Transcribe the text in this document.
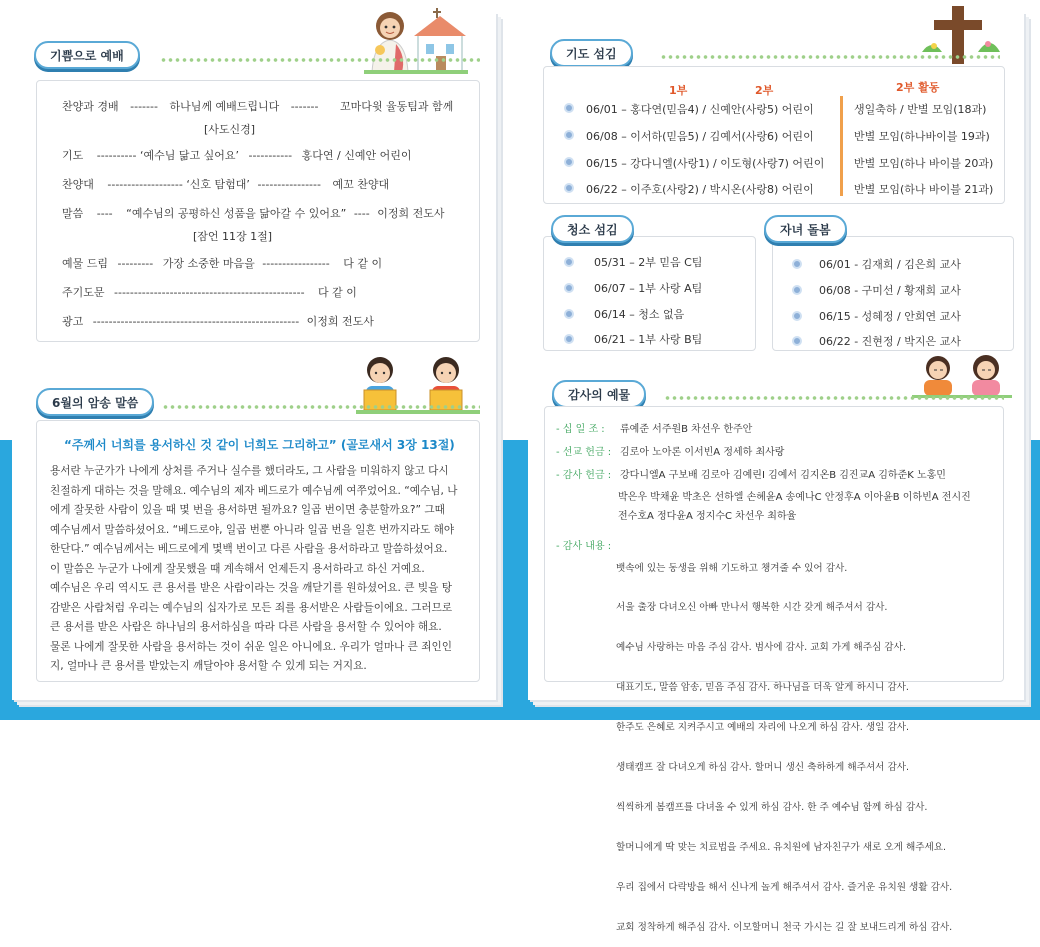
기쁨으로 예배
찬양과 경배 ------- 하나님께 예배드립니다 ------- 꼬마다윗 율동팀과 함께
[사도신경]
기도 ---------- ‘예수님 닮고 싶어요’ ----------- 홍다연 / 신예안 어린이
찬양대 ------------------- ‘신호 탐험대’ ---------------- 예꼬 찬양대
말씀 ---- “예수님의 공평하신 성품을 닮아갈 수 있어요” ---- 이정희 전도사
[잠언 11장 1절]
예물 드림 --------- 가장 소중한 마음을 ----------------- 다 같 이
주기도문 ------------------------------------------------ 다 같 이
광고 ---------------------------------------------------- 이정희 전도사
6월의 암송 말씀
“주께서 너희를 용서하신 것 같이 너희도 그리하고” (골로새서 3장 13절)
용서란 누군가가 나에게 상처를 주거나 실수를 했더라도, 그 사람을 미워하지 않고 다시
친절하게 대하는 것을 말해요. 예수님의 제자 베드로가 예수님께 여쭈었어요. “예수님, 나
에게 잘못한 사람이 있을 때 몇 번을 용서하면 될까요? 일곱 번이면 충분할까요?” 그때
예수님께서 말씀하셨어요. “베드로야, 일곱 번뿐 아니라 일곱 번을 일흔 번까지라도 해야
한단다.” 예수님께서는 베드로에게 몇백 번이고 다른 사람을 용서하라고 말씀하셨어요.
이 말씀은 누군가 나에게 잘못했을 때 계속해서 언제든지 용서하라고 하신 거예요.
예수님은 우리 역시도 큰 용서를 받은 사람이라는 것을 깨닫기를 원하셨어요. 큰 빚을 탕
감받은 사람처럼 우리는 예수님의 십자가로 모든 죄를 용서받은 사람들이에요. 그러므로
큰 용서를 받은 사람은 하나님의 용서하심을 따라 다른 사람을 용서할 수 있어야 해요.
물론 나에게 잘못한 사람을 용서하는 것이 쉬운 일은 아니에요. 우리가 얼마나 큰 죄인인
지, 얼마나 큰 용서를 받았는지 깨달아야 용서할 수 있게 되는 거지요.
기도 섬김
1부	2부	2부 활동
06/01 – 홍다연(믿음4) / 신예안(사랑5) 어린이	생일축하 / 반별 모임(18과)
06/08 – 이서하(믿음5) / 김예서(사랑6) 어린이	반별 모임(하나바이블 19과)
06/15 – 강다니엘(사랑1) / 이도형(사랑7) 어린이	반별 모임(하나 바이블 20과)
06/22 – 이주호(사랑2) / 박시온(사랑8) 어린이	반별 모임(하나 바이블 21과)
청소 섬김
05/31 – 2부 믿음 C팀
06/07 – 1부 사랑 A팀
06/14 – 청소 없음
06/21 – 1부 사랑 B팀
자녀 돌봄
06/01 - 김재희 / 김은희 교사
06/08 - 구미선 / 황재희 교사
06/15 - 성혜정 / 안희연 교사
06/22 - 진현정 / 박지은 교사
감사의 예물
- 십 일 조 : 류예준 서주원B 차선우 한주안
- 선교 헌금 : 김로아 노아론 이서빈A 정세하 최사랑
- 감사 헌금 : 강다니엘A 구보배 김로아 김예린I 김예서 김지온B 김진교A 김하준K 노홍민
박은우 박채윤 박초은 선하엘 손혜윤A 송예나C 안정후A 이아윤B 이하빈A 전시진
전수호A 정다윤A 정지수C 차선우 최하율
- 감사 내용 :

뱃속에 있는 동생을 위해 기도하고 챙겨줄 수 있어 감사.

서울 출장 다녀오신 아빠 만나서 행복한 시간 갖게 해주셔서 감사.

예수님 사랑하는 마음 주심 감사. 범사에 감사. 교회 가게 해주심 감사.

대표기도, 말씀 암송, 믿음 주심 감사. 하나님을 더욱 알게 하시니 감사.

한주도 은혜로 지켜주시고 예배의 자리에 나오게 하심 감사. 생일 감사.

생태캠프 잘 다녀오게 하심 감사. 할머니 생신 축하하게 해주셔서 감사.

씩씩하게 봄캠프를 다녀올 수 있게 하심 감사. 한 주 예수님 함께 하심 감사.

할머니에게 딱 맞는 치료법을 주세요. 유치원에 남자친구가 새로 오게 해주세요.

우리 집에서 다락방을 해서 신나게 놀게 해주셔서 감사. 즐거운 유치원 생활 감사.

교회 정착하게 해주심 감사. 이모할머니 천국 가시는 길 잘 보내드리게 하심 감사.
